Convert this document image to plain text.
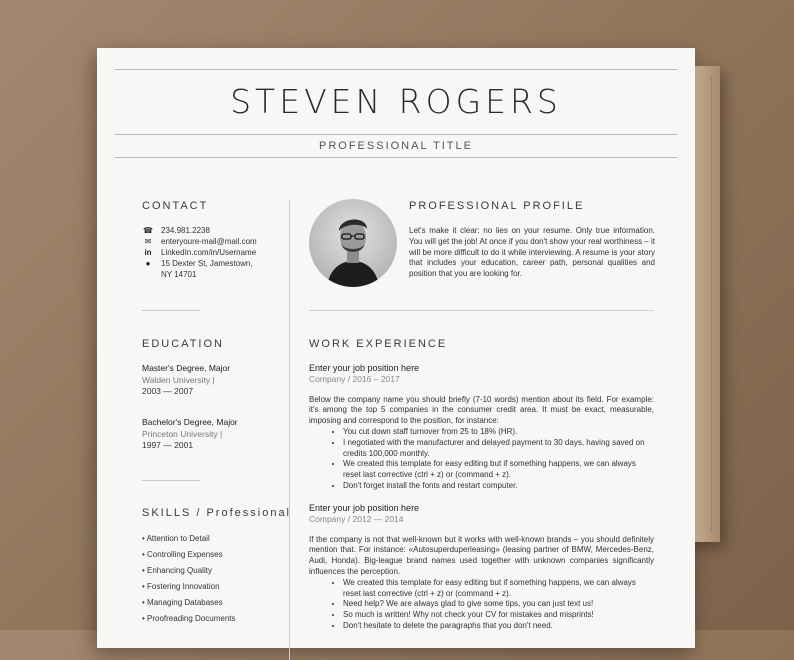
STEVEN ROGERS
PROFESSIONAL TITLE
CONTACT
☎ 234.981.2238
✉ enteryoure-mail@mail.com
in LinkedIn.com/in/Username
●	15 Dexter St, Jamestown,
NY 14701
EDUCATION
Master's Degree, Major
Walden University |
2003 — 2007
Bachelor's Degree, Major
Princeton University |
1997 — 2001
SKILLS / Professional
• Attention to Detail
• Controlling Expenses
• Enhancing Quality
• Fostering Innovation
• Managing Databases
• Proofreading Documents
PROFESSIONAL PROFILE
Let's make it clear: no lies on your resume. Only true information. You will get the job! At once if you don't show your real worthiness – it will be more difficult to do it while interviewing. A resume is your story that includes your education, career path, personal qualities and position that you are looking for.
WORK EXPERIENCE
Enter your job position here
Company / 2016 – 2017

Below the company name you should briefly (7-10 words) mention about its field. For example: it's among the top 5 companies in the consumer credit area. It must be exact, measurable, imposing and correspond to the position, for instance:

• You cut down staff turnover from 25 to 18% (HR).
• I negotiated with the manufacturer and delayed payment to 30 days, having saved on credits 100,000 monthly.
• We created this template for easy editing but if something happens, we can always reset last corrective (ctrl + z) or (command + z).
• Don't forget install the fonts and restart computer.
Enter your job position here
Company / 2012 — 2014

If the company is not that well-known but it works with well-known brands – you should definitely mention that. For instance: «Autosuperduperleasing» (leasing partner of BMW, Mercedes-Benz, Audi, Honda). Big-league brand names used together with unknown companies significantly influences the perception.

• We created this template for easy editing but if something happens, we can always reset last corrective (ctrl + z) or (command + z).
• Need help? We are always glad to give some tips, you can just text us!
• So much is written! Why not check your CV for mistakes and misprints!
• Don't hesitate to delete the paragraphs that you don't need.
